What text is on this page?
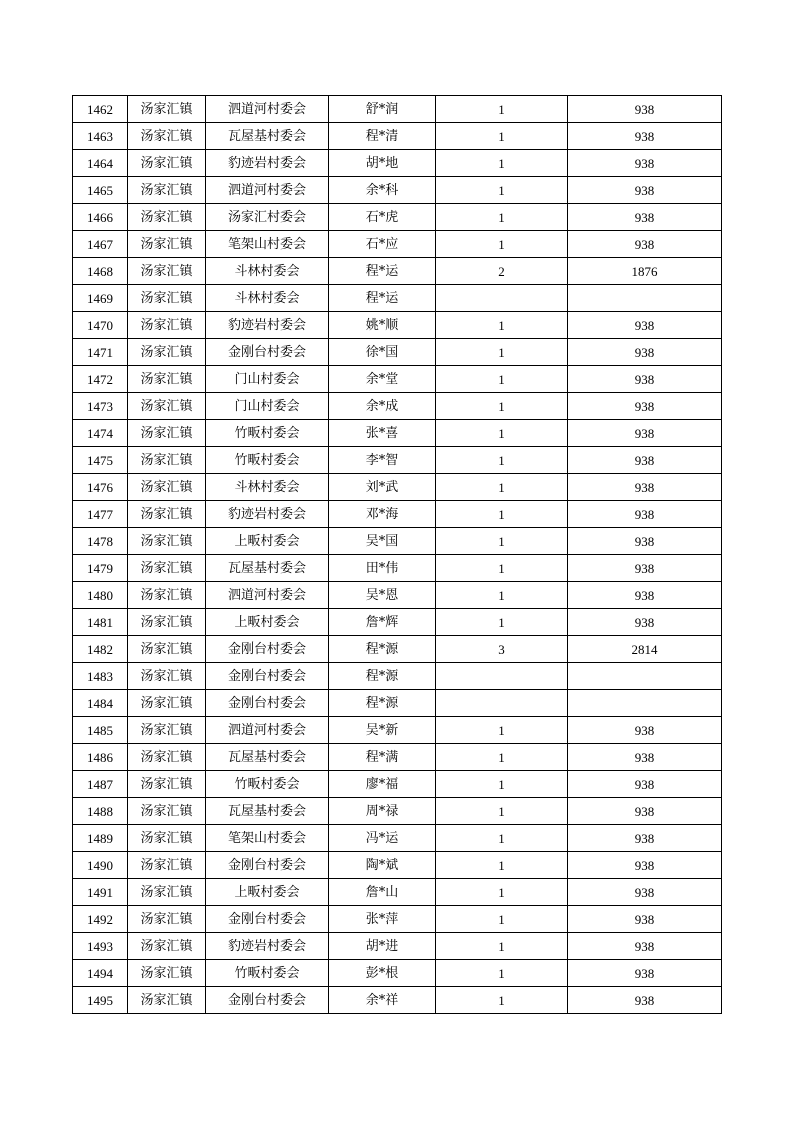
1462	汤家汇镇	泗道河村委会	舒*润	1	938
1463	汤家汇镇	瓦屋基村委会	程*清	1	938
1464	汤家汇镇	豹迹岩村委会	胡*地	1	938
1465	汤家汇镇	泗道河村委会	余*科	1	938
1466	汤家汇镇	汤家汇村委会	石*虎	1	938
1467	汤家汇镇	笔架山村委会	石*应	1	938
1468	汤家汇镇	斗林村委会	程*运	2	1876
1469	汤家汇镇	斗林村委会	程*运		
1470	汤家汇镇	豹迹岩村委会	姚*顺	1	938
1471	汤家汇镇	金刚台村委会	徐*国	1	938
1472	汤家汇镇	门山村委会	余*堂	1	938
1473	汤家汇镇	门山村委会	余*成	1	938
1474	汤家汇镇	竹畈村委会	张*喜	1	938
1475	汤家汇镇	竹畈村委会	李*智	1	938
1476	汤家汇镇	斗林村委会	刘*武	1	938
1477	汤家汇镇	豹迹岩村委会	邓*海	1	938
1478	汤家汇镇	上畈村委会	吴*国	1	938
1479	汤家汇镇	瓦屋基村委会	田*伟	1	938
1480	汤家汇镇	泗道河村委会	吴*恩	1	938
1481	汤家汇镇	上畈村委会	詹*辉	1	938
1482	汤家汇镇	金刚台村委会	程*源	3	2814
1483	汤家汇镇	金刚台村委会	程*源		
1484	汤家汇镇	金刚台村委会	程*源		
1485	汤家汇镇	泗道河村委会	吴*新	1	938
1486	汤家汇镇	瓦屋基村委会	程*满	1	938
1487	汤家汇镇	竹畈村委会	廖*福	1	938
1488	汤家汇镇	瓦屋基村委会	周*禄	1	938
1489	汤家汇镇	笔架山村委会	冯*运	1	938
1490	汤家汇镇	金刚台村委会	陶*斌	1	938
1491	汤家汇镇	上畈村委会	詹*山	1	938
1492	汤家汇镇	金刚台村委会	张*萍	1	938
1493	汤家汇镇	豹迹岩村委会	胡*进	1	938
1494	汤家汇镇	竹畈村委会	彭*根	1	938
1495	汤家汇镇	金刚台村委会	余*祥	1	938
